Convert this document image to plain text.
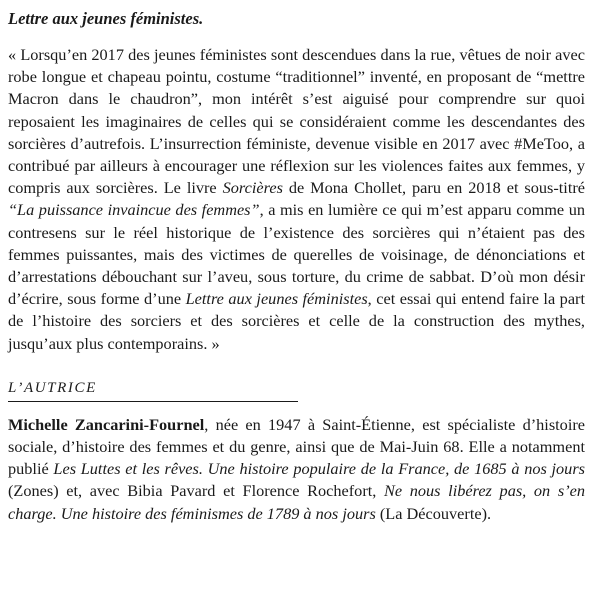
Lettre aux jeunes féministes.

« Lorsqu’en 2017 des jeunes féministes sont descendues dans la rue, vêtues de noir avec robe longue et chapeau pointu, costume “traditionnel” inventé, en proposant de “mettre Macron dans le chaudron”, mon intérêt s’est aiguisé pour comprendre sur quoi reposaient les imaginaires de celles qui se considéraient comme les descendantes des sorcières d’autrefois. L’insurrection féministe, devenue visible en 2017 avec #MeToo, a contribué par ailleurs à encourager une réflexion sur les violences faites aux femmes, y compris aux sorcières. Le livre Sorcières de Mona Chollet, paru en 2018 et sous-titré “La puissance invaincue des femmes”, a mis en lumière ce qui m’est apparu comme un contresens sur le réel historique de l’existence des sorcières qui n’étaient pas des femmes puissantes, mais des victimes de querelles de voisinage, de dénonciations et d’arrestations débouchant sur l’aveu, sous torture, du crime de sabbat. D’où mon désir d’écrire, sous forme d’une Lettre aux jeunes féministes, cet essai qui entend faire la part de l’histoire des sorciers et des sorcières et celle de la construction des mythes, jusqu’aux plus contemporains. »

L’AUTRICE

Michelle Zancarini-Fournel, née en 1947 à Saint-Étienne, est spécialiste d’histoire sociale, d’histoire des femmes et du genre, ainsi que de Mai-Juin 68. Elle a notamment publié Les Luttes et les rêves. Une histoire populaire de la France, de 1685 à nos jours (Zones) et, avec Bibia Pavard et Florence Rochefort, Ne nous libérez pas, on s’en charge. Une histoire des féminismes de 1789 à nos jours (La Découverte).
